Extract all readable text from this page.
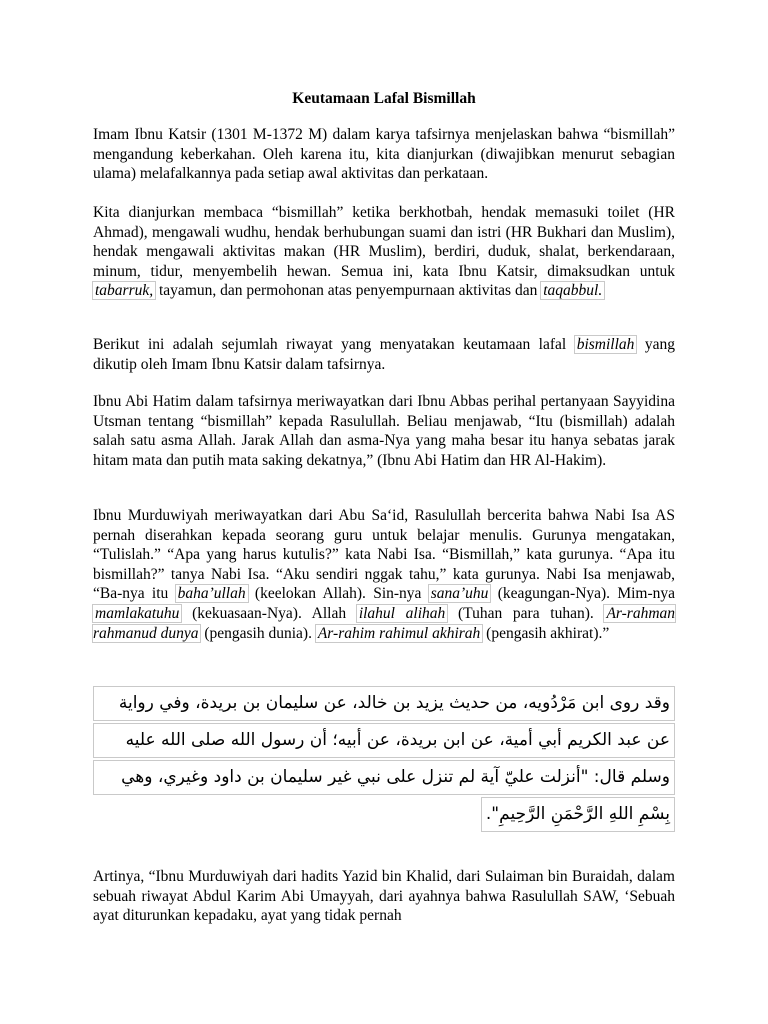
Keutamaan Lafal Bismillah

Imam Ibnu Katsir (1301 M-1372 M) dalam karya tafsirnya menjelaskan bahwa “bismillah” mengandung keberkahan. Oleh karena itu, kita dianjurkan (diwajibkan menurut sebagian ulama) melafalkannya pada setiap awal aktivitas dan perkataan.

Kita dianjurkan membaca “bismillah” ketika berkhotbah, hendak memasuki toilet (HR Ahmad), mengawali wudhu, hendak berhubungan suami dan istri (HR Bukhari dan Muslim), hendak mengawali aktivitas makan (HR Muslim), berdiri, duduk, shalat, berkendaraan, minum, tidur, menyembelih hewan. Semua ini, kata Ibnu Katsir, dimaksudkan untuk tabarruk, tayamun, dan permohonan atas penyempurnaan aktivitas dan taqabbul.

Berikut ini adalah sejumlah riwayat yang menyatakan keutamaan lafal bismillah yang dikutip oleh Imam Ibnu Katsir dalam tafsirnya.

Ibnu Abi Hatim dalam tafsirnya meriwayatkan dari Ibnu Abbas perihal pertanyaan Sayyidina Utsman tentang “bismillah” kepada Rasulullah. Beliau menjawab, “Itu (bismillah) adalah salah satu asma Allah. Jarak Allah dan asma-Nya yang maha besar itu hanya sebatas jarak hitam mata dan putih mata saking dekatnya,” (Ibnu Abi Hatim dan HR Al-Hakim).

Ibnu Murduwiyah meriwayatkan dari Abu Sa‘id, Rasulullah bercerita bahwa Nabi Isa AS pernah diserahkan kepada seorang guru untuk belajar menulis. Gurunya mengatakan, “Tulislah.” “Apa yang harus kutulis?” kata Nabi Isa. “Bismillah,” kata gurunya. “Apa itu bismillah?” tanya Nabi Isa. “Aku sendiri nggak tahu,” kata gurunya. Nabi Isa menjawab, “Ba-nya itu baha’ullah (keelokan Allah). Sin-nya sana’uhu (keagungan-Nya). Mim-nya mamlakatuhu (kekuasaan-Nya). Allah ilahul alihah (Tuhan para tuhan). Ar-rahman rahmanud dunya (pengasih dunia). Ar-rahim rahimul akhirah (pengasih akhirat).”

وقد روى ابن مَرْدُويه، من حديث يزيد بن خالد، عن سليمان بن بريدة، وفي رواية
عن عبد الكريم أبي أمية، عن ابن بريدة، عن أبيه؛ أن رسول الله صلى الله عليه
وسلم قال: "أنزلت عليّ آية لم تنزل على نبي غير سليمان بن داود وغيري، وهي
بِسْمِ اللهِ الرَّحْمَنِ الرَّحِيمِ".

Artinya, “Ibnu Murduwiyah dari hadits Yazid bin Khalid, dari Sulaiman bin Buraidah, dalam sebuah riwayat Abdul Karim Abi Umayyah, dari ayahnya bahwa Rasulullah SAW, ‘Sebuah ayat diturunkan kepadaku, ayat yang tidak pernah
